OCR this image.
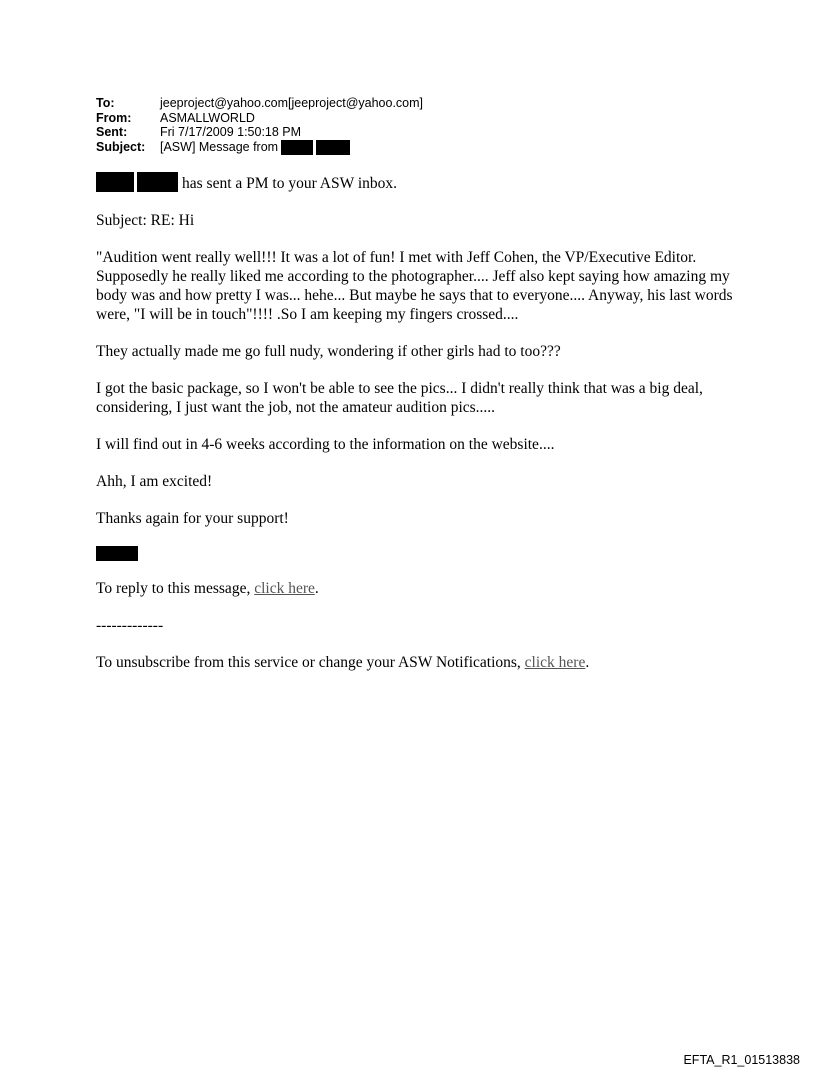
To:	jeeproject@yahoo.com[jeeproject@yahoo.com]
From:	ASMALLWORLD
Sent:	Fri 7/17/2009 1:50:18 PM
Subject:	[ASW] Message from

has sent a PM to your ASW inbox.

Subject: RE: Hi

"Audition went really well!!! It was a lot of fun! I met with Jeff Cohen, the VP/Executive Editor. Supposedly he really liked me according to the photographer.... Jeff also kept saying how amazing my body was and how pretty I was... hehe... But maybe he says that to everyone.... Anyway, his last words were, "I will be in touch"!!!! .So I am keeping my fingers crossed....

They actually made me go full nudy, wondering if other girls had to too???

I got the basic package, so I won't be able to see the pics... I didn't really think that was a big deal, considering, I just want the job, not the amateur audition pics.....

I will find out in 4-6 weeks according to the information on the website....

Ahh, I am excited!

Thanks again for your support!

To reply to this message, click here.

-------------

To unsubscribe from this service or change your ASW Notifications, click here.

EFTA_R1_01513838
